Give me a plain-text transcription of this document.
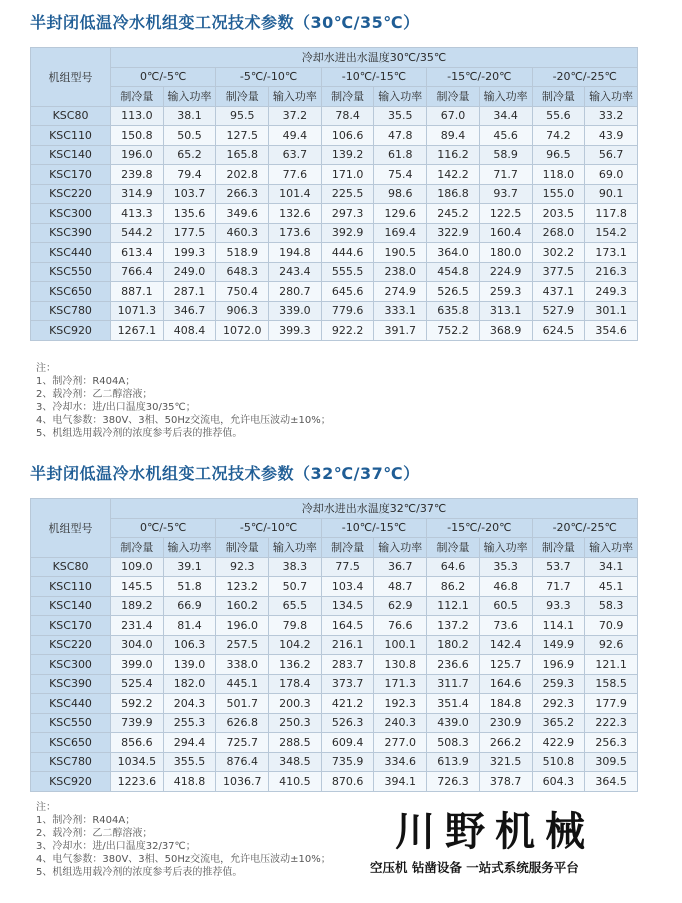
半封闭低温冷水机组变工况技术参数（30℃/35℃）
机组型号	冷却水进出水温度30℃/35℃									
	0℃/-5℃		-5℃/-10℃		-10℃/-15℃		-15℃/-20℃		-20℃/-25℃	
	制冷量	输入功率	制冷量	输入功率	制冷量	输入功率	制冷量	输入功率	制冷量	输入功率
KSC80	113.0	38.1	95.5	37.2	78.4	35.5	67.0	34.4	55.6	33.2
KSC110	150.8	50.5	127.5	49.4	106.6	47.8	89.4	45.6	74.2	43.9
KSC140	196.0	65.2	165.8	63.7	139.2	61.8	116.2	58.9	96.5	56.7
KSC170	239.8	79.4	202.8	77.6	171.0	75.4	142.2	71.7	118.0	69.0
KSC220	314.9	103.7	266.3	101.4	225.5	98.6	186.8	93.7	155.0	90.1
KSC300	413.3	135.6	349.6	132.6	297.3	129.6	245.2	122.5	203.5	117.8
KSC390	544.2	177.5	460.3	173.6	392.9	169.4	322.9	160.4	268.0	154.2
KSC440	613.4	199.3	518.9	194.8	444.6	190.5	364.0	180.0	302.2	173.1
KSC550	766.4	249.0	648.3	243.4	555.5	238.0	454.8	224.9	377.5	216.3
KSC650	887.1	287.1	750.4	280.7	645.6	274.9	526.5	259.3	437.1	249.3
KSC780	1071.3	346.7	906.3	339.0	779.6	333.1	635.8	313.1	527.9	301.1
KSC920	1267.1	408.4	1072.0	399.3	922.2	391.7	752.2	368.9	624.5	354.6
注：
1、制冷剂：R404A；
2、载冷剂：乙二醇溶液；
3、冷却水：进/出口温度30/35℃；
4、电气参数：380V、3相、50Hz交流电，允许电压波动±10%；
5、机组选用载冷剂的浓度参考后表的推荐值。
半封闭低温冷水机组变工况技术参数（32℃/37℃）
机组型号	冷却水进出水温度32℃/37℃									
	0℃/-5℃		-5℃/-10℃		-10℃/-15℃		-15℃/-20℃		-20℃/-25℃	
	制冷量	输入功率	制冷量	输入功率	制冷量	输入功率	制冷量	输入功率	制冷量	输入功率
KSC80	109.0	39.1	92.3	38.3	77.5	36.7	64.6	35.3	53.7	34.1
KSC110	145.5	51.8	123.2	50.7	103.4	48.7	86.2	46.8	71.7	45.1
KSC140	189.2	66.9	160.2	65.5	134.5	62.9	112.1	60.5	93.3	58.3
KSC170	231.4	81.4	196.0	79.8	164.5	76.6	137.2	73.6	114.1	70.9
KSC220	304.0	106.3	257.5	104.2	216.1	100.1	180.2	142.4	149.9	92.6
KSC300	399.0	139.0	338.0	136.2	283.7	130.8	236.6	125.7	196.9	121.1
KSC390	525.4	182.0	445.1	178.4	373.7	171.3	311.7	164.6	259.3	158.5
KSC440	592.2	204.3	501.7	200.3	421.2	192.3	351.4	184.8	292.3	177.9
KSC550	739.9	255.3	626.8	250.3	526.3	240.3	439.0	230.9	365.2	222.3
KSC650	856.6	294.4	725.7	288.5	609.4	277.0	508.3	266.2	422.9	256.3
KSC780	1034.5	355.5	876.4	348.5	735.9	334.6	613.9	321.5	510.8	309.5
KSC920	1223.6	418.8	1036.7	410.5	870.6	394.1	726.3	378.7	604.3	364.5
注：
1、制冷剂：R404A；
2、载冷剂：乙二醇溶液；
3、冷却水：进/出口温度32/37℃；
4、电气参数：380V、3相、50Hz交流电，允许电压波动±10%；
5、机组选用载冷剂的浓度参考后表的推荐值。
川野机械
空压机 钻凿设备 一站式系统服务平台
